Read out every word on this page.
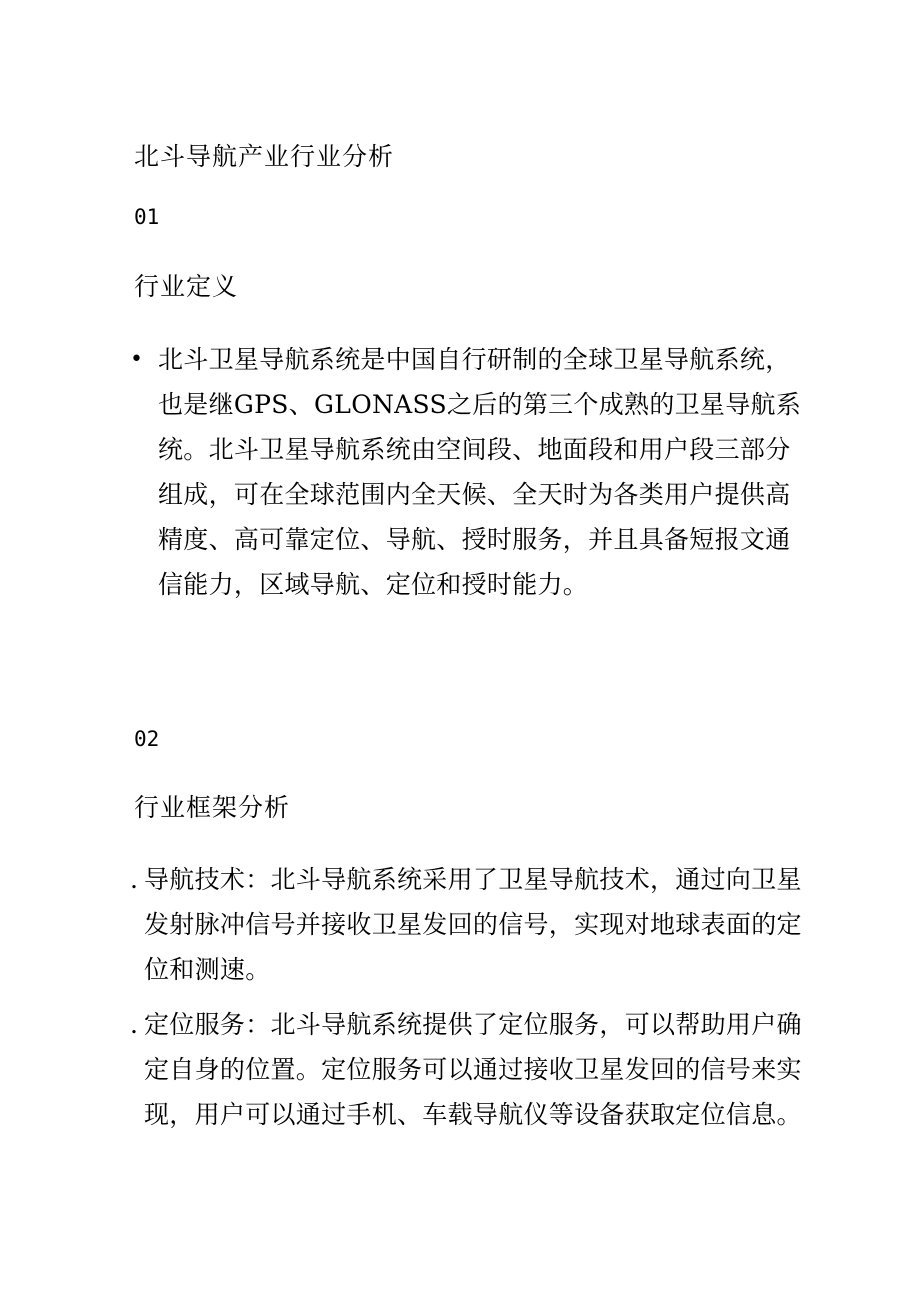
北斗导航产业行业分析
01
行业定义
• 北斗卫星导航系统是中国自行研制的全球卫星导航系统，也是继GPS、GLONASS之后的第三个成熟的卫星导航系统。北斗卫星导航系统由空间段、地面段和用户段三部分组成，可在全球范围内全天候、全天时为各类用户提供高精度、高可靠定位、导航、授时服务，并且具备短报文通信能力，区域导航、定位和授时能力。
02
行业框架分析
. 导航技术：北斗导航系统采用了卫星导航技术，通过向卫星发射脉冲信号并接收卫星发回的信号，实现对地球表面的定位和测速。
. 定位服务：北斗导航系统提供了定位服务，可以帮助用户确定自身的位置。定位服务可以通过接收卫星发回的信号来实现，用户可以通过手机、车载导航仪等设备获取定位信息。
